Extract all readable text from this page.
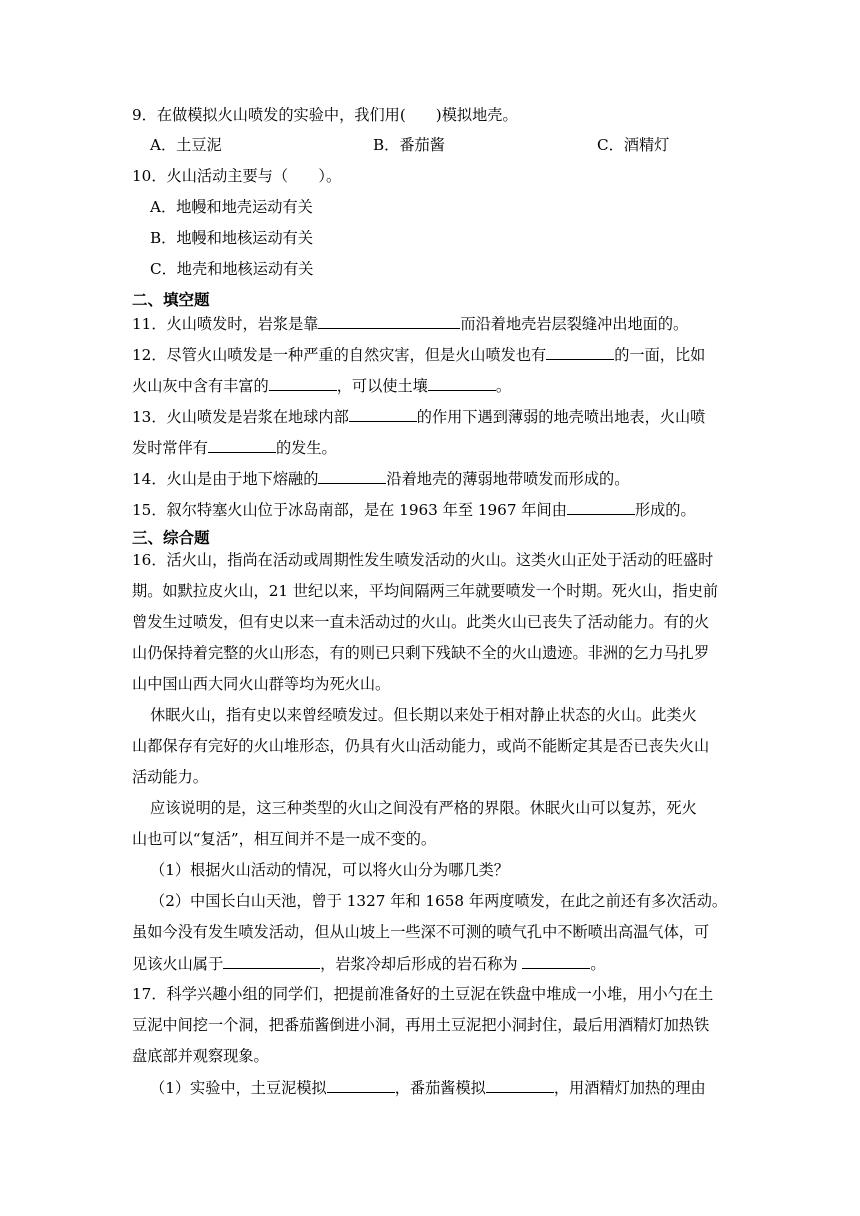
9．在做模拟火山喷发的实验中，我们用( )模拟地壳。
A．土豆泥	B．番茄酱	C．酒精灯
10．火山活动主要与（　　）。
A．地幔和地壳运动有关
B．地幔和地核运动有关
C．地壳和地核运动有关
二、填空题
11．火山喷发时，岩浆是靠	而沿着地壳岩层裂缝冲出地面的。
12．尽管火山喷发是一种严重的自然灾害，但是火山喷发也有	的一面，比如
火山灰中含有丰富的	，可以使土壤	。
13．火山喷发是岩浆在地球内部	的作用下遇到薄弱的地壳喷出地表，火山喷
发时常伴有	的发生。
14．火山是由于地下熔融的	沿着地壳的薄弱地带喷发而形成的。
15．叙尔特塞火山位于冰岛南部，是在 1963 年至 1967 年间由	形成的。
三、综合题
16．活火山，指尚在活动或周期性发生喷发活动的火山。这类火山正处于活动的旺盛时
期。如默拉皮火山，21 世纪以来，平均间隔两三年就要喷发一个时期。死火山，指史前
曾发生过喷发，但有史以来一直未活动过的火山。此类火山已丧失了活动能力。有的火
山仍保持着完整的火山形态，有的则已只剩下残缺不全的火山遗迹。非洲的乞力马扎罗
山中国山西大同火山群等均为死火山。
休眠火山，指有史以来曾经喷发过。但长期以来处于相对静止状态的火山。此类火
山都保存有完好的火山堆形态，仍具有火山活动能力，或尚不能断定其是否已丧失火山
活动能力。
应该说明的是，这三种类型的火山之间没有严格的界限。休眠火山可以复苏，死火
山也可以“复活”，相互间并不是一成不变的。
（1）根据火山活动的情况，可以将火山分为哪几类？
（2）中国长白山天池，曾于 1327 年和 1658 年两度喷发，在此之前还有多次活动。
虽如今没有发生喷发活动，但从山坡上一些深不可测的喷气孔中不断喷出高温气体，可
见该火山属于	，岩浆冷却后形成的岩石称为	。
17．科学兴趣小组的同学们，把提前准备好的土豆泥在铁盘中堆成一小堆，用小勺在土
豆泥中间挖一个洞，把番茄酱倒进小洞，再用土豆泥把小洞封住，最后用酒精灯加热铁
盘底部并观察现象。
（1）实验中，土豆泥模拟	，番茄酱模拟	，用酒精灯加热的理由
